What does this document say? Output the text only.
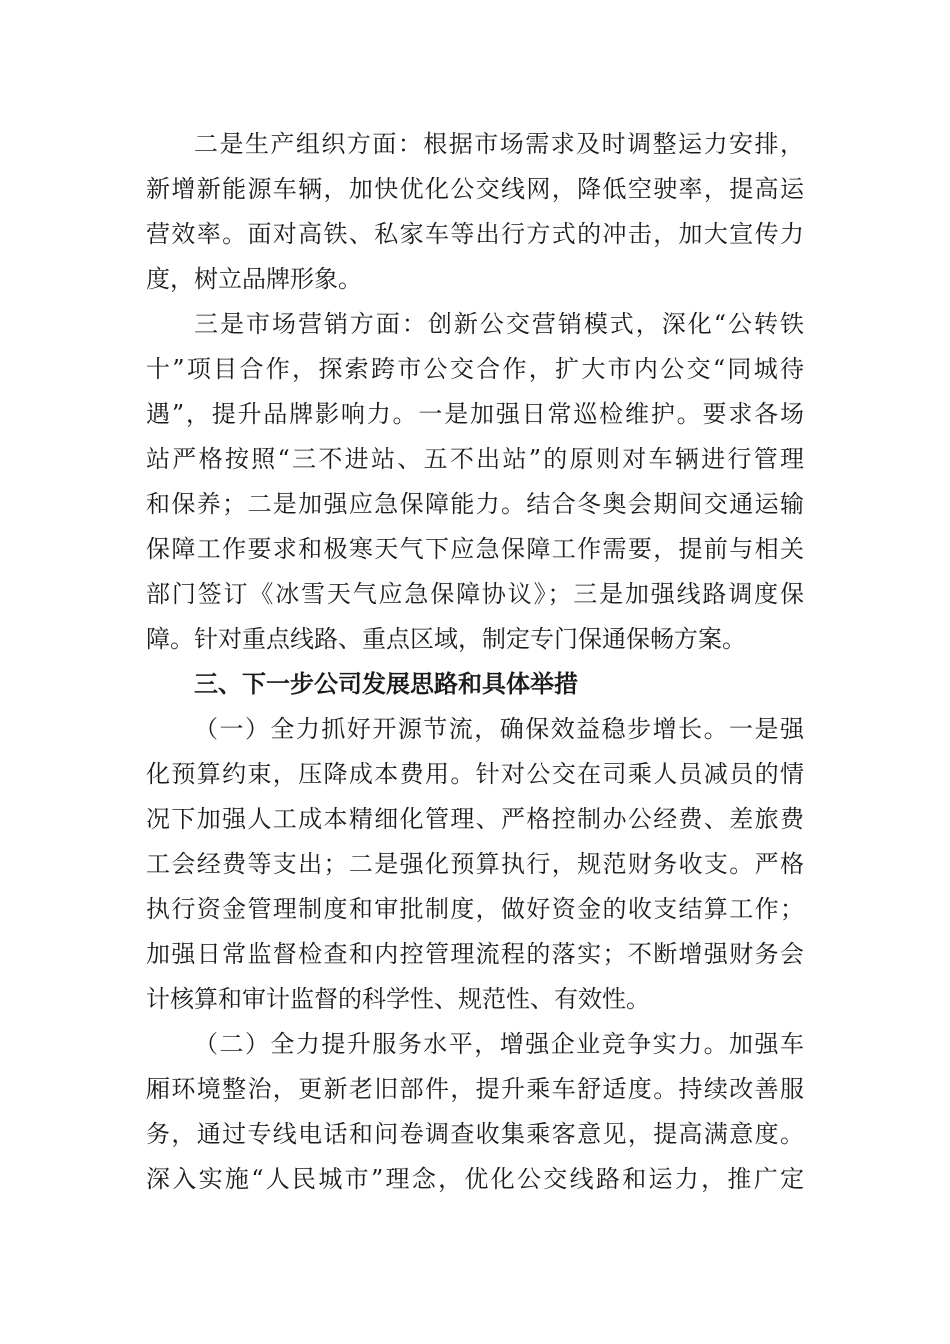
二是生产组织方面：根据市场需求及时调整运力安排，
新增新能源车辆，加快优化公交线网，降低空驶率，提高运
营效率。面对高铁、私家车等出行方式的冲击，加大宣传力
度，树立品牌形象。
三是市场营销方面：创新公交营销模式，深化“公转铁
十”项目合作，探索跨市公交合作，扩大市内公交“同城待
遇”，提升品牌影响力。一是加强日常巡检维护。要求各场
站严格按照“三不进站、五不出站”的原则对车辆进行管理
和保养；二是加强应急保障能力。结合冬奥会期间交通运输
保障工作要求和极寒天气下应急保障工作需要，提前与相关
部门签订《冰雪天气应急保障协议》；三是加强线路调度保
障。针对重点线路、重点区域，制定专门保通保畅方案。
三、下一步公司发展思路和具体举措
（一）全力抓好开源节流，确保效益稳步增长。一是强
化预算约束，压降成本费用。针对公交在司乘人员减员的情
况下加强人工成本精细化管理、严格控制办公经费、差旅费
工会经费等支出；二是强化预算执行，规范财务收支。严格
执行资金管理制度和审批制度，做好资金的收支结算工作；
加强日常监督检查和内控管理流程的落实；不断增强财务会
计核算和审计监督的科学性、规范性、有效性。
（二）全力提升服务水平，增强企业竞争实力。加强车
厢环境整治，更新老旧部件，提升乘车舒适度。持续改善服
务，通过专线电话和问卷调查收集乘客意见，提高满意度。
深入实施“人民城市”理念，优化公交线路和运力，推广定
